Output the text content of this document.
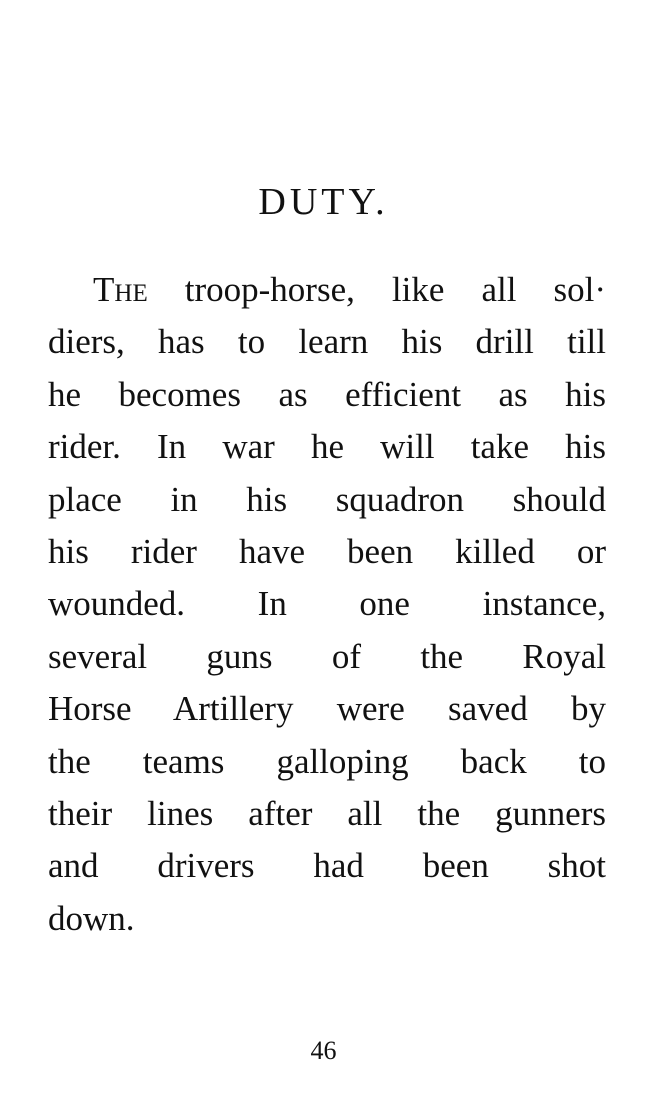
DUTY.
The troop-horse, like all sol·
diers, has to learn his drill till
he becomes as efficient as his
rider. In war he will take his
place in his squadron should
his rider have been killed or
wounded. In one instance,
several guns of the Royal
Horse Artillery were saved by
the teams galloping back to
their lines after all the gunners
and drivers had been shot
down.
46
